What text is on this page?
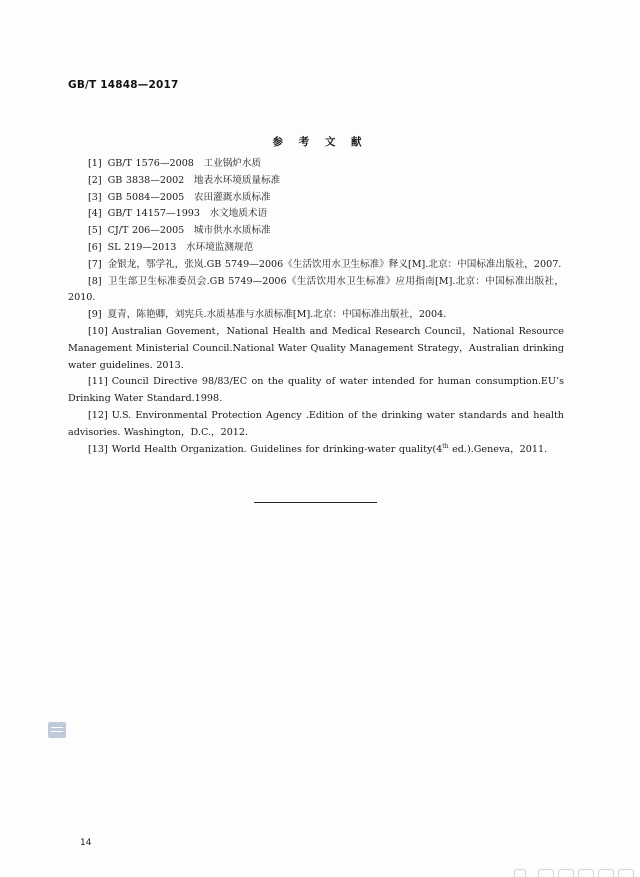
GB/T 14848—2017
参 考 文 献

[1] GB/T 1576—2008　工业锅炉水质

[2] GB 3838—2002　地表水环境质量标准

[3] GB 5084—2005　农田灌溉水质标准

[4] GB/T 14157—1993　水文地质术语

[5] CJ/T 206—2005　城市供水水质标准

[6] SL 219—2013　水环境监测规范

[7] 金银龙，鄂学礼，张岚.GB 5749—2006《生活饮用水卫生标准》释义[M].北京：中国标准出版社，2007.

[8] 卫生部卫生标准委员会.GB 5749—2006《生活饮用水卫生标准》应用指南[M].北京：中国标准出版社，2010.

[9] 夏青，陈艳卿，刘宪兵.水质基准与水质标准[M].北京：中国标准出版社，2004.

[10] Australian Govement，National Health and Medical Research Council，National Resource Management Ministerial Council.National Water Quality Management Strategy，Australian drinking water guidelines. 2013.

[11] Council Directive 98/83/EC on the quality of water intended for human consumption.EU’s Drinking Water Standard.1998.

[12] U.S. Environmental Protection Agency .Edition of the drinking water standards and health advisories. Washington，D.C.，2012.

[13] World Health Organization. Guidelines for drinking-water quality(4th ed.).Geneva，2011.

14
